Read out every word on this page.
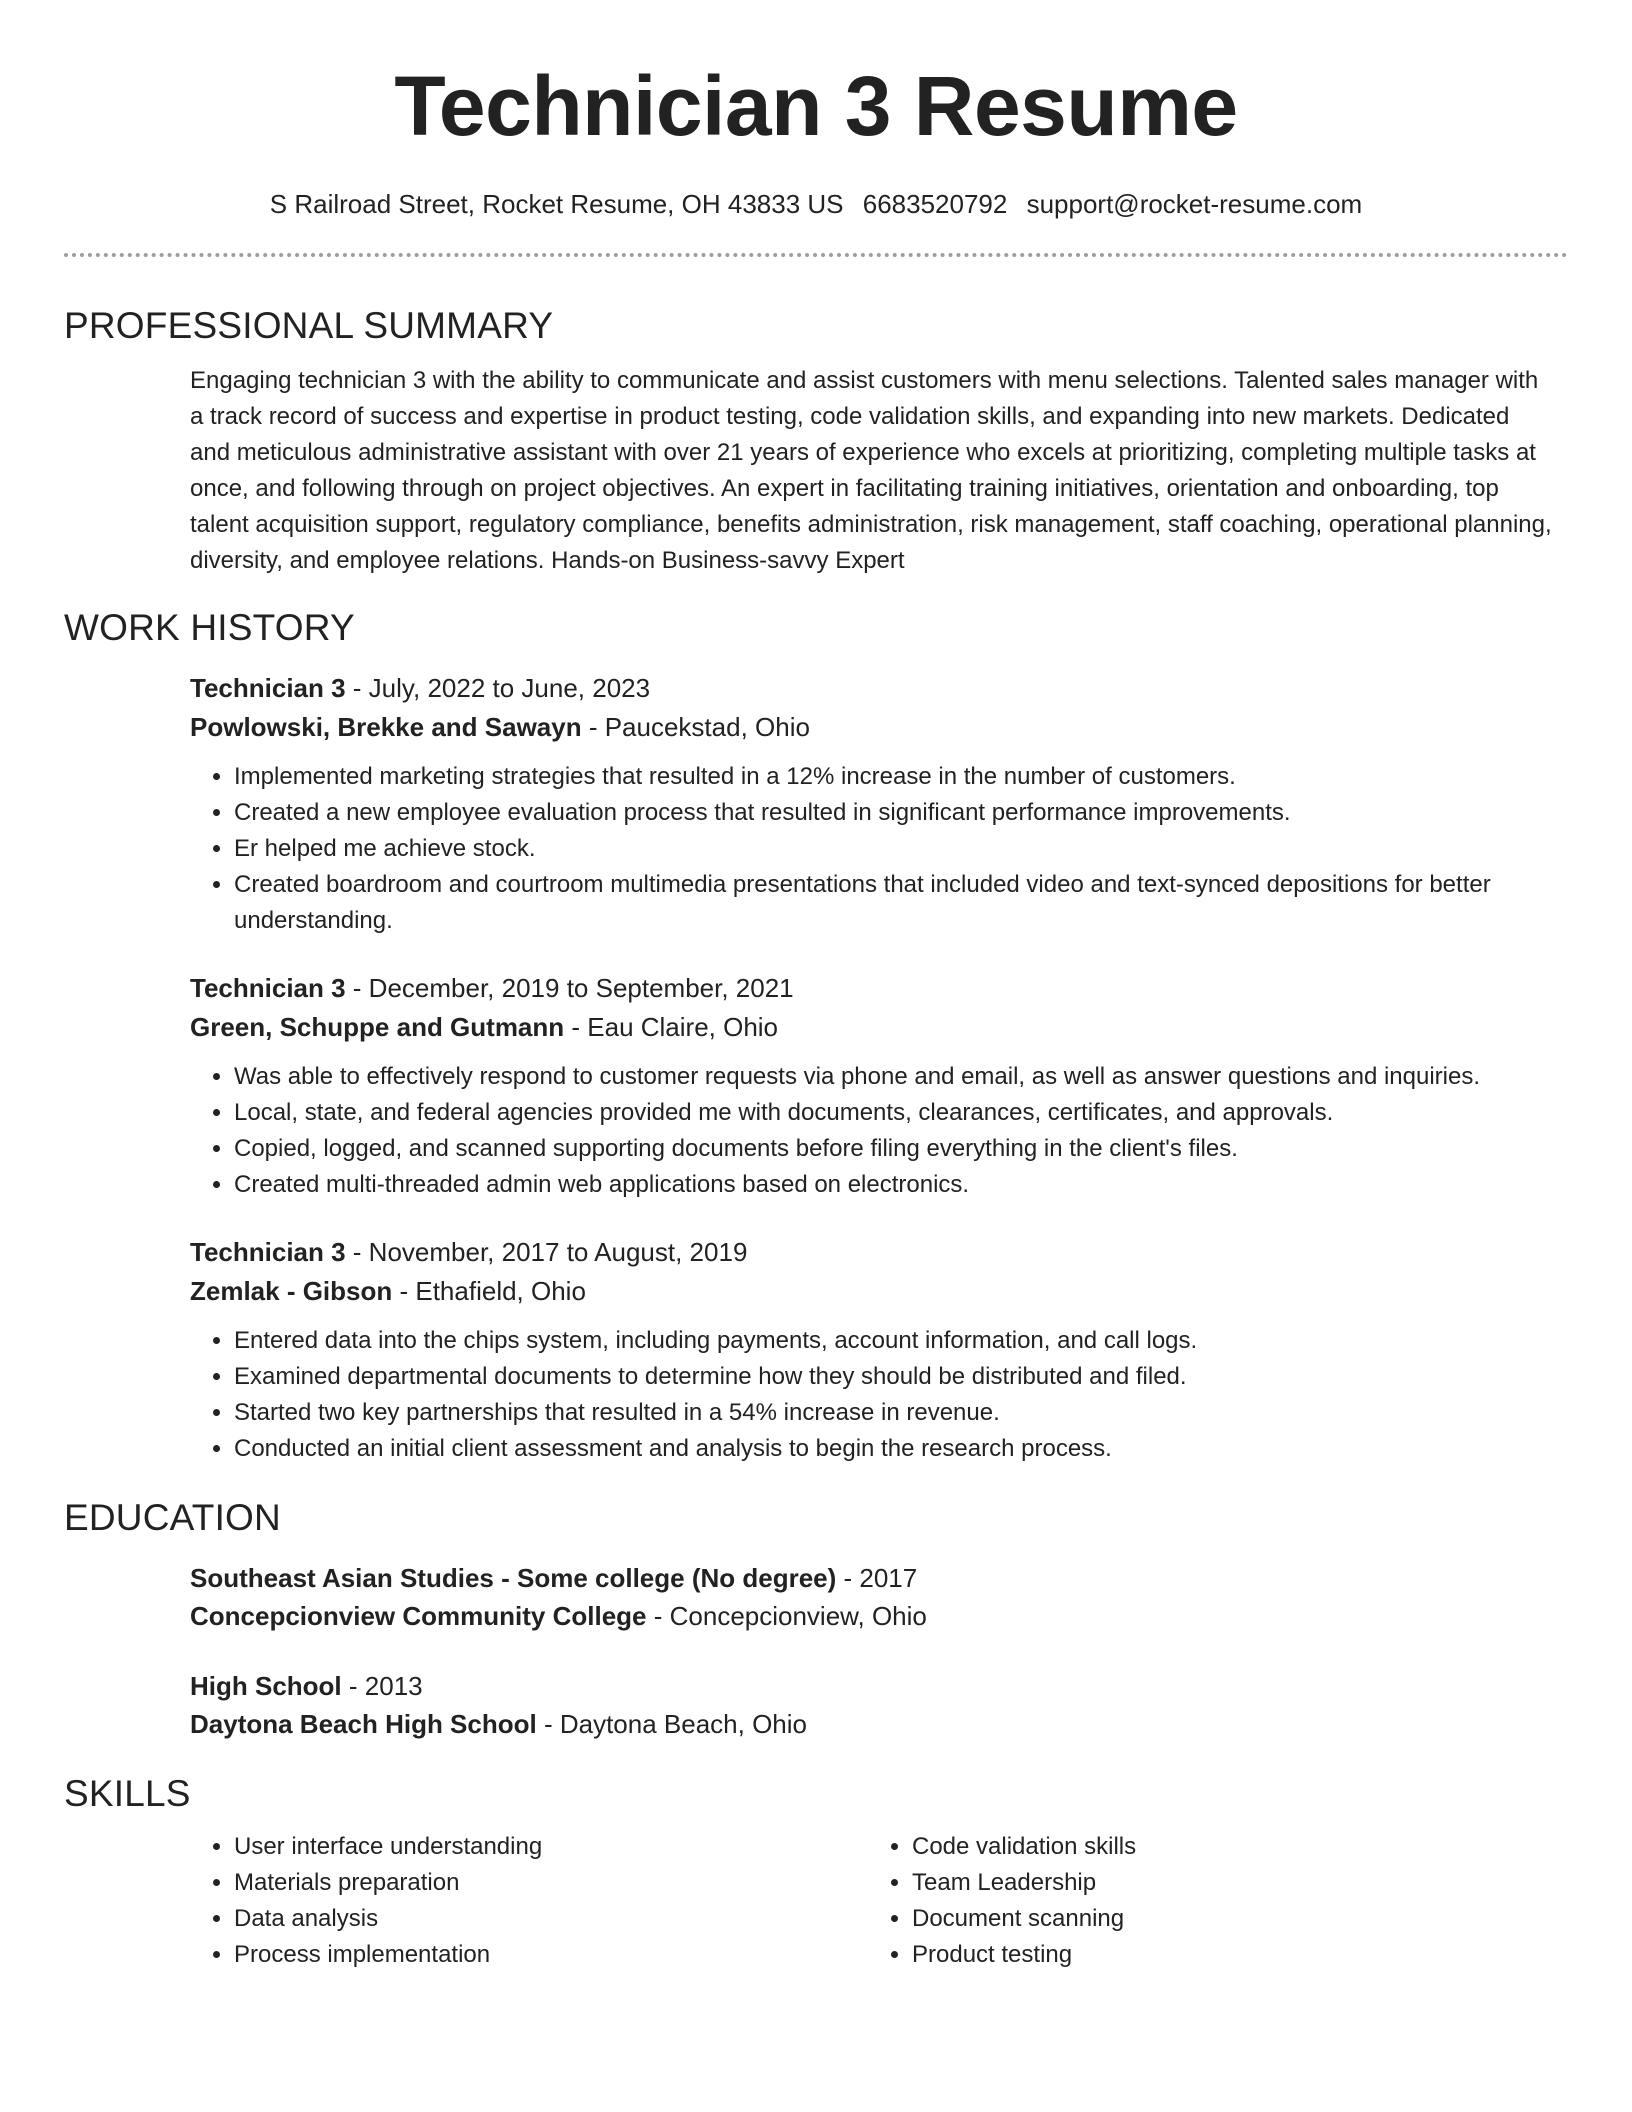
Technician 3 Resume
S Railroad Street, Rocket Resume, OH 43833 US 6683520792 support@rocket-resume.com
PROFESSIONAL SUMMARY

Engaging technician 3 with the ability to communicate and assist customers with menu selections. Talented sales manager with a track record of success and expertise in product testing, code validation skills, and expanding into new markets. Dedicated and meticulous administrative assistant with over 21 years of experience who excels at prioritizing, completing multiple tasks at once, and following through on project objectives. An expert in facilitating training initiatives, orientation and onboarding, top talent acquisition support, regulatory compliance, benefits administration, risk management, staff coaching, operational planning, diversity, and employee relations. Hands-on Business-savvy Expert

WORK HISTORY
Technician 3 - July, 2022 to June, 2023
Powlowski, Brekke and Sawayn - Paucekstad, Ohio
• Implemented marketing strategies that resulted in a 12% increase in the number of customers.
• Created a new employee evaluation process that resulted in significant performance improvements.
• Er helped me achieve stock.
• Created boardroom and courtroom multimedia presentations that included video and text-synced depositions for better understanding.
Technician 3 - December, 2019 to September, 2021
Green, Schuppe and Gutmann - Eau Claire, Ohio
• Was able to effectively respond to customer requests via phone and email, as well as answer questions and inquiries.
• Local, state, and federal agencies provided me with documents, clearances, certificates, and approvals.
• Copied, logged, and scanned supporting documents before filing everything in the client's files.
• Created multi-threaded admin web applications based on electronics.
Technician 3 - November, 2017 to August, 2019
Zemlak - Gibson - Ethafield, Ohio
• Entered data into the chips system, including payments, account information, and call logs.
• Examined departmental documents to determine how they should be distributed and filed.
• Started two key partnerships that resulted in a 54% increase in revenue.
• Conducted an initial client assessment and analysis to begin the research process.
EDUCATION
Southeast Asian Studies - Some college (No degree) - 2017
Concepcionview Community College - Concepcionview, Ohio
High School - 2013
Daytona Beach High School - Daytona Beach, Ohio
SKILLS
• User interface understanding
• Materials preparation
• Data analysis
• Process implementation
• Code validation skills
• Team Leadership
• Document scanning
• Product testing
